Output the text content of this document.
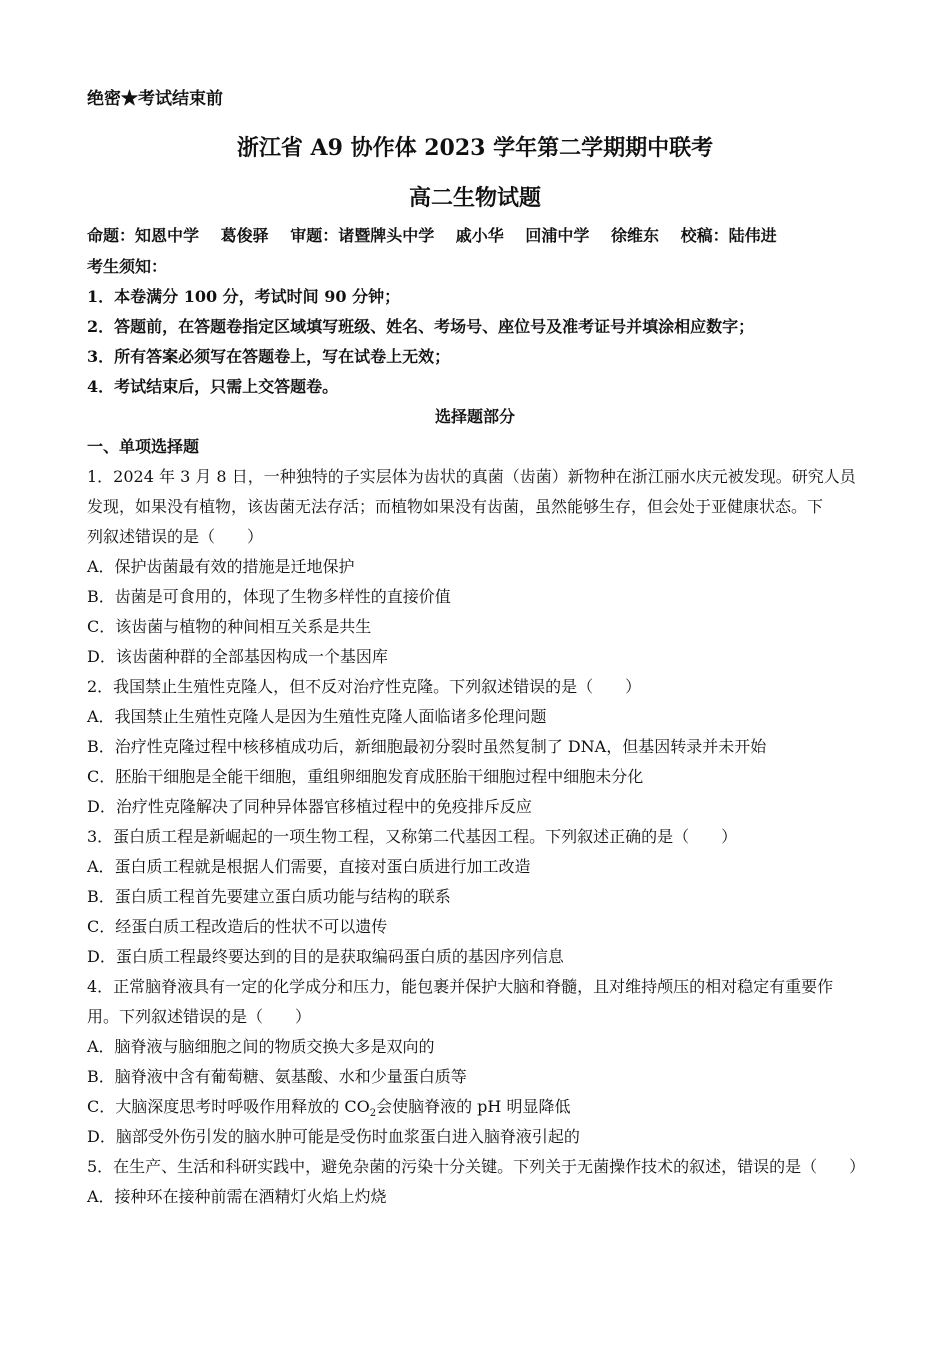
绝密★考试结束前
浙江省 A9 协作体 2023 学年第二学期期中联考
高二生物试题
命题：知恩中学 葛俊驿 审题：诸暨牌头中学 戚小华 回浦中学 徐维东 校稿：陆伟进
考生须知：
1．本卷满分 100 分，考试时间 90 分钟；
2．答题前，在答题卷指定区域填写班级、姓名、考场号、座位号及准考证号并填涂相应数字；
3．所有答案必须写在答题卷上，写在试卷上无效；
4．考试结束后，只需上交答题卷。
选择题部分
一、单项选择题
1．2024 年 3 月 8 日，一种独特的子实层体为齿状的真菌（齿菌）新物种在浙江丽水庆元被发现。研究人员
发现，如果没有植物，该齿菌无法存活；而植物如果没有齿菌，虽然能够生存，但会处于亚健康状态。下
列叙述错误的是（　　）
A．保护齿菌最有效的措施是迁地保护
B．齿菌是可食用的，体现了生物多样性的直接价值
C．该齿菌与植物的种间相互关系是共生
D．该齿菌种群的全部基因构成一个基因库
2．我国禁止生殖性克隆人，但不反对治疗性克隆。下列叙述错误的是（　　）
A．我国禁止生殖性克隆人是因为生殖性克隆人面临诸多伦理问题
B．治疗性克隆过程中核移植成功后，新细胞最初分裂时虽然复制了 DNA，但基因转录并未开始
C．胚胎干细胞是全能干细胞，重组卵细胞发育成胚胎干细胞过程中细胞未分化
D．治疗性克隆解决了同种异体器官移植过程中的免疫排斥反应
3．蛋白质工程是新崛起的一项生物工程，又称第二代基因工程。下列叙述正确的是（　　）
A．蛋白质工程就是根据人们需要，直接对蛋白质进行加工改造
B．蛋白质工程首先要建立蛋白质功能与结构的联系
C．经蛋白质工程改造后的性状不可以遗传
D．蛋白质工程最终要达到的目的是获取编码蛋白质的基因序列信息
4．正常脑脊液具有一定的化学成分和压力，能包裹并保护大脑和脊髓，且对维持颅压的相对稳定有重要作
用。下列叙述错误的是（　　）
A．脑脊液与脑细胞之间的物质交换大多是双向的
B．脑脊液中含有葡萄糖、氨基酸、水和少量蛋白质等
C．大脑深度思考时呼吸作用释放的 $CO_2$会使脑脊液的 pH 明显降低
D．脑部受外伤引发的脑水肿可能是受伤时血浆蛋白进入脑脊液引起的
5．在生产、生活和科研实践中，避免杂菌的污染十分关键。下列关于无菌操作技术的叙述，错误的是（　　）
A．接种环在接种前需在酒精灯火焰上灼烧
